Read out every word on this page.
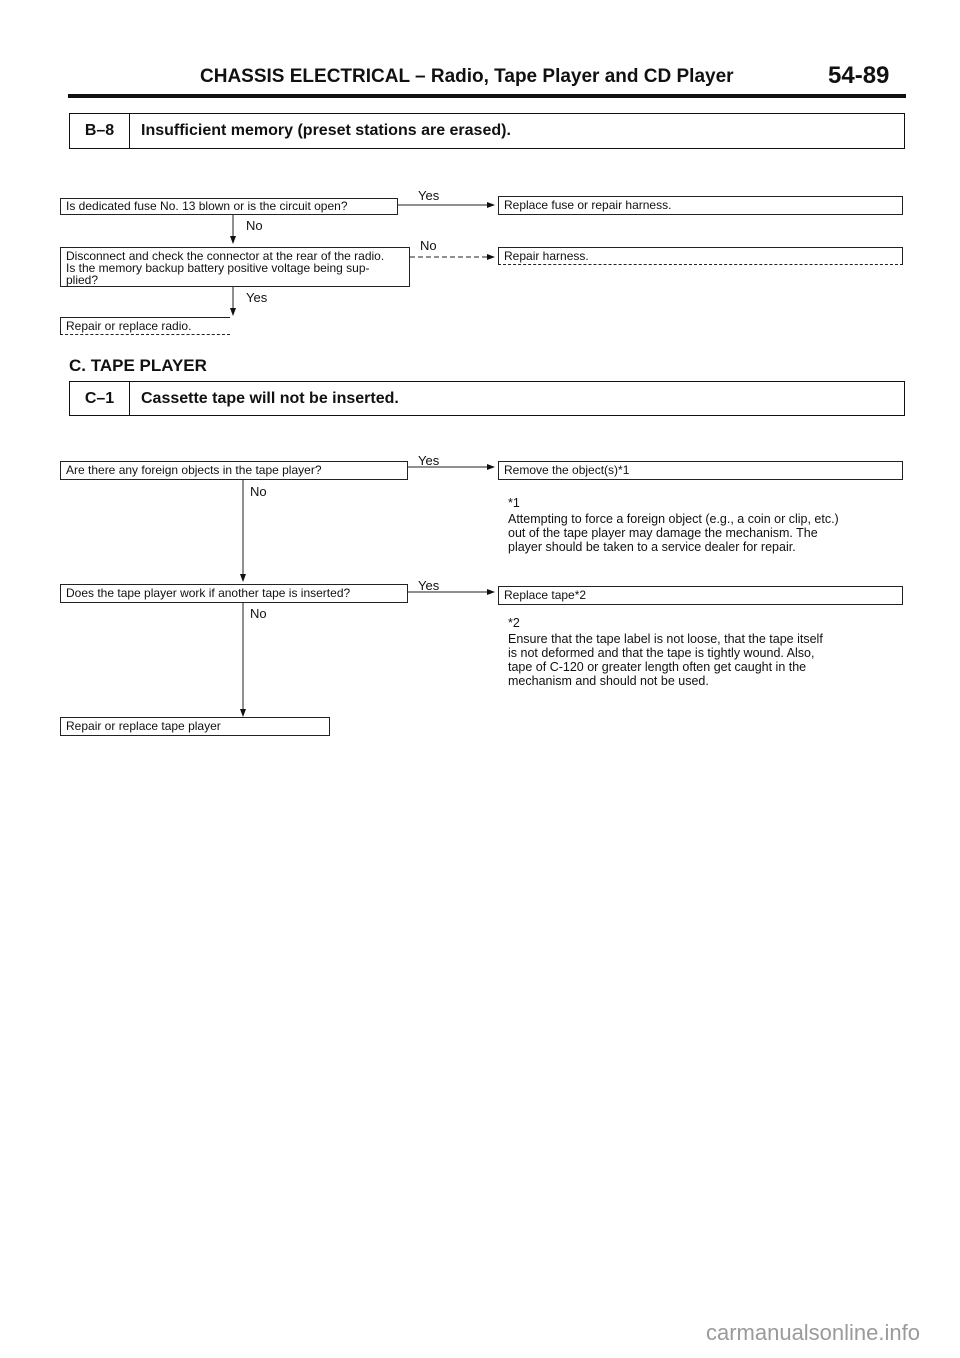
CHASSIS ELECTRICAL – Radio, Tape Player and CD Player	54-89
B–8	Insufficient memory (preset stations are erased).
Is dedicated fuse No. 13 blown or is the circuit open?
Yes
Replace fuse or repair harness.
No
Disconnect and check the connector at the rear of the radio.
Is the memory backup battery positive voltage being sup-
plied?
No
Repair harness.
Yes
Repair or replace radio.
C. TAPE PLAYER
C–1	Cassette tape will not be inserted.
Are there any foreign objects in the tape player?
Yes
Remove the object(s)*1
No
*1
Attempting to force a foreign object (e.g., a coin or clip, etc.)
out of the tape player may damage the mechanism. The
player should be taken to a service dealer for repair.
Does the tape player work if another tape is inserted?	Yes
Replace tape*2
No
*2
Ensure that the tape label is not loose, that the tape itself
is not deformed and that the tape is tightly wound. Also,
tape of C-120 or greater length often get caught in the
mechanism and should not be used.
Repair or replace tape player
carmanualsonline.info
